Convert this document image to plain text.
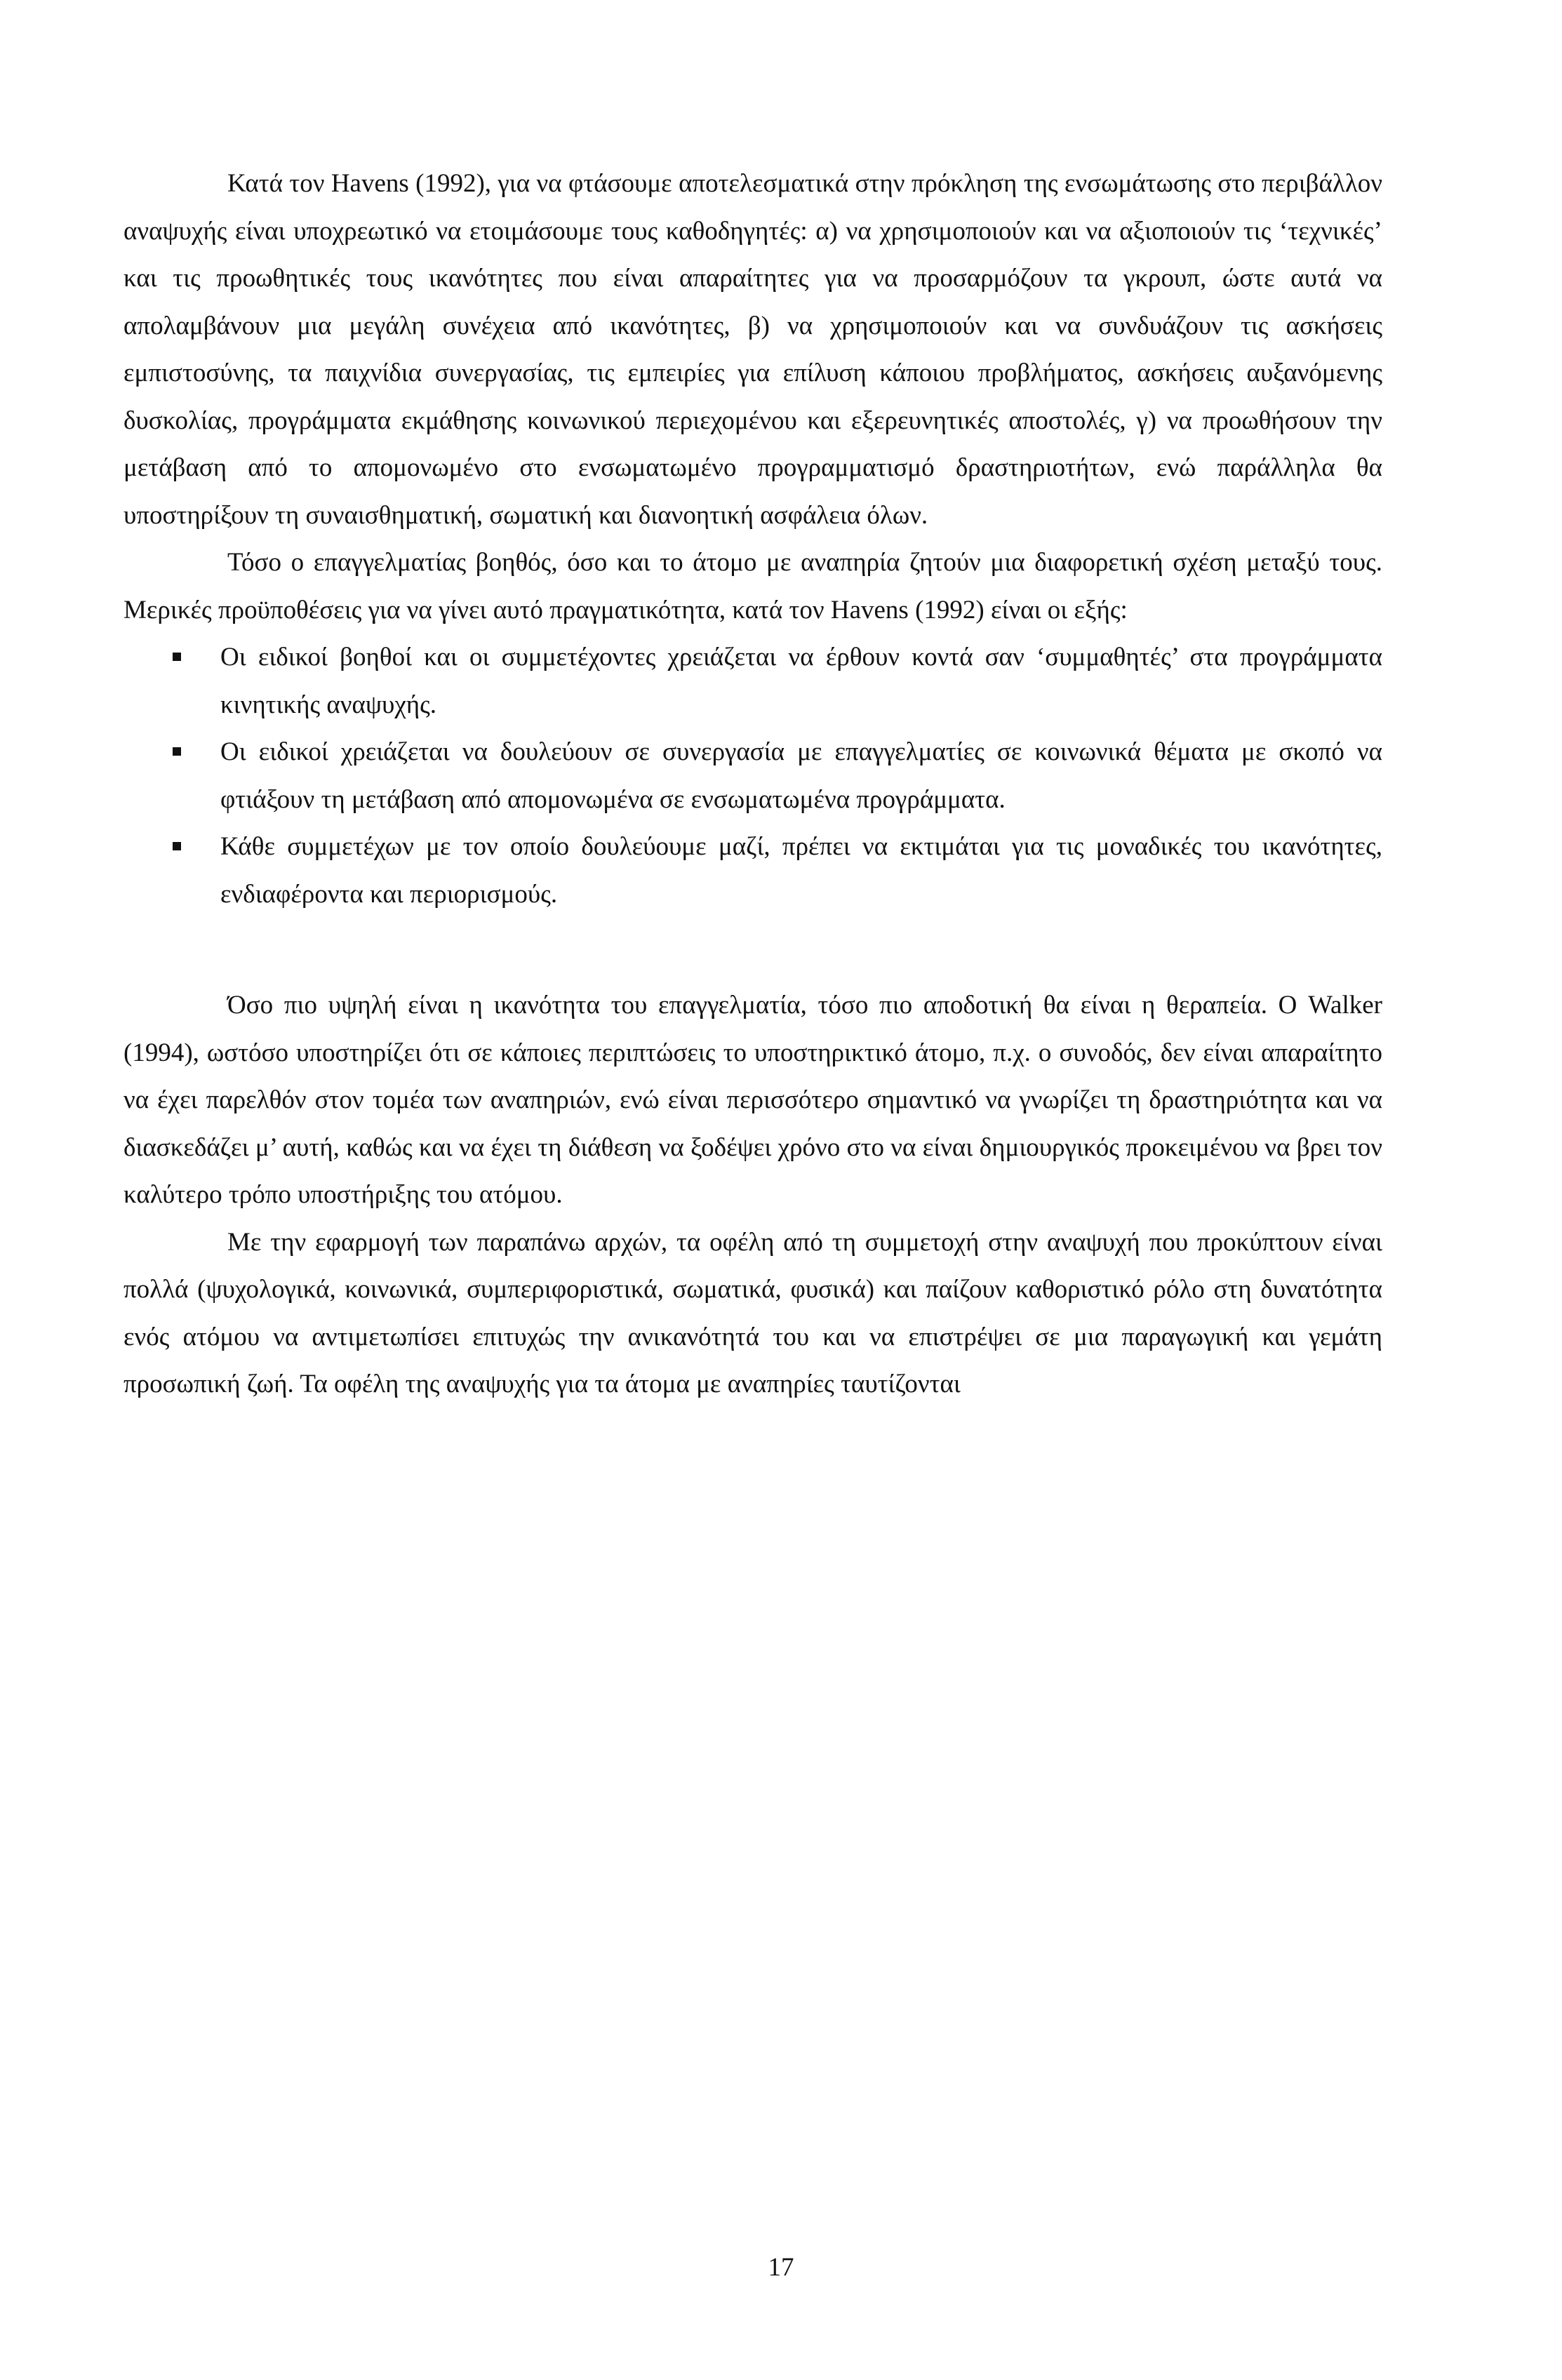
Κατά τον Havens (1992), για να φτάσουμε αποτελεσματικά στην πρόκληση της ενσωμάτωσης στο περιβάλλον αναψυχής είναι υποχρεωτικό να ετοιμάσουμε τους καθοδηγητές: α) να χρησιμοποιούν και να αξιοποιούν τις ‘τεχνικές’ και τις προωθητικές τους ικανότητες που είναι απαραίτητες για να προσαρμόζουν τα γκρουπ, ώστε αυτά να απολαμβάνουν μια μεγάλη συνέχεια από ικανότητες, β) να χρησιμοποιούν και να συνδυάζουν τις ασκήσεις εμπιστοσύνης, τα παιχνίδια συνεργασίας, τις εμπειρίες για επίλυση κάποιου προβλήματος, ασκήσεις αυξανόμενης δυσκολίας, προγράμματα εκμάθησης κοινωνικού περιεχομένου και εξερευνητικές αποστολές, γ) να προωθήσουν την μετάβαση από το απομονωμένο στο ενσωματωμένο προγραμματισμό δραστηριοτήτων, ενώ παράλληλα θα υποστηρίξουν τη συναισθηματική, σωματική και διανοητική ασφάλεια όλων.

Τόσο ο επαγγελματίας βοηθός, όσο και το άτομο με αναπηρία ζητούν μια διαφορετική σχέση μεταξύ τους. Μερικές προϋποθέσεις για να γίνει αυτό πραγματικότητα, κατά τον Havens (1992) είναι οι εξής:

Οι ειδικοί βοηθοί και οι συμμετέχοντες χρειάζεται να έρθουν κοντά σαν ‘συμμαθητές’ στα προγράμματα κινητικής αναψυχής.
Οι ειδικοί χρειάζεται να δουλεύουν σε συνεργασία με επαγγελματίες σε κοινωνικά θέματα με σκοπό να φτιάξουν τη μετάβαση από απομονωμένα σε ενσωματωμένα προγράμματα.
Κάθε συμμετέχων με τον οποίο δουλεύουμε μαζί, πρέπει να εκτιμάται για τις μοναδικές του ικανότητες, ενδιαφέροντα και περιορισμούς.

Όσο πιο υψηλή είναι η ικανότητα του επαγγελματία, τόσο πιο αποδοτική θα είναι η θεραπεία. Ο Walker (1994), ωστόσο υποστηρίζει ότι σε κάποιες περιπτώσεις το υποστηρικτικό άτομο, π.χ. ο συνοδός, δεν είναι απαραίτητο να έχει παρελθόν στον τομέα των αναπηριών, ενώ είναι περισσότερο σημαντικό να γνωρίζει τη δραστηριότητα και να διασκεδάζει μ’ αυτή, καθώς και να έχει τη διάθεση να ξοδέψει χρόνο στο να είναι δημιουργικός προκειμένου να βρει τον καλύτερο τρόπο υποστήριξης του ατόμου.

Με την εφαρμογή των παραπάνω αρχών, τα οφέλη από τη συμμετοχή στην αναψυχή που προκύπτουν είναι πολλά (ψυχολογικά, κοινωνικά, συμπεριφοριστικά, σωματικά, φυσικά) και παίζουν καθοριστικό ρόλο στη δυνατότητα ενός ατόμου να αντιμετωπίσει επιτυχώς την ανικανότητά του και να επιστρέψει σε μια παραγωγική και γεμάτη προσωπική ζωή. Τα οφέλη της αναψυχής για τα άτομα με αναπηρίες ταυτίζονται

17
